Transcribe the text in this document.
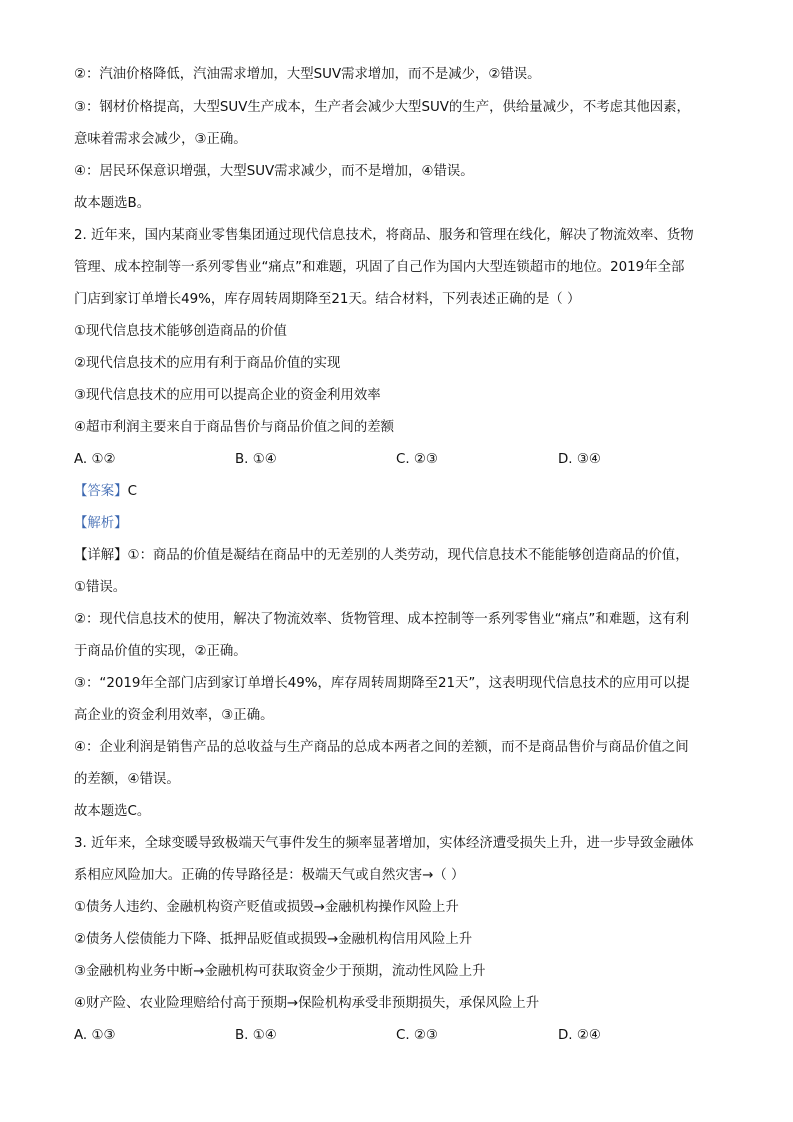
②：汽油价格降低，汽油需求增加，大型SUV需求增加，而不是减少，②错误。
③：钢材价格提高，大型SUV生产成本，生产者会减少大型SUV的生产，供给量减少，不考虑其他因素，
意味着需求会减少，③正确。
④：居民环保意识增强，大型SUV需求减少，而不是增加，④错误。
故本题选B。
2. 近年来，国内某商业零售集团通过现代信息技术，将商品、服务和管理在线化，解决了物流效率、货物
管理、成本控制等一系列零售业“痛点”和难题，巩固了自己作为国内大型连锁超市的地位。2019年全部
门店到家订单增长49%，库存周转周期降至21天。结合材料，下列表述正确的是（ ）
①现代信息技术能够创造商品的价值
②现代信息技术的应用有利于商品价值的实现
③现代信息技术的应用可以提高企业的资金利用效率
④超市利润主要来自于商品售价与商品价值之间的差额
A. ①②	B. ①④	C. ②③	D. ③④
【答案】C
【解析】
【详解】①：商品的价值是凝结在商品中的无差别的人类劳动，现代信息技术不能能够创造商品的价值，
①错误。
②：现代信息技术的使用，解决了物流效率、货物管理、成本控制等一系列零售业“痛点”和难题，这有利
于商品价值的实现，②正确。
③：“2019年全部门店到家订单增长49%，库存周转周期降至21天”，这表明现代信息技术的应用可以提
高企业的资金利用效率，③正确。
④：企业利润是销售产品的总收益与生产商品的总成本两者之间的差额，而不是商品售价与商品价值之间
的差额，④错误。
故本题选C。
3. 近年来，全球变暖导致极端天气事件发生的频率显著增加，实体经济遭受损失上升，进一步导致金融体
系相应风险加大。正确的传导路径是：极端天气或自然灾害→（ ）
①债务人违约、金融机构资产贬值或损毁→金融机构操作风险上升
②债务人偿债能力下降、抵押品贬值或损毁→金融机构信用风险上升
③金融机构业务中断→金融机构可获取资金少于预期，流动性风险上升
④财产险、农业险理赔给付高于预期→保险机构承受非预期损失，承保风险上升
A. ①③	B. ①④	C. ②③	D. ②④
